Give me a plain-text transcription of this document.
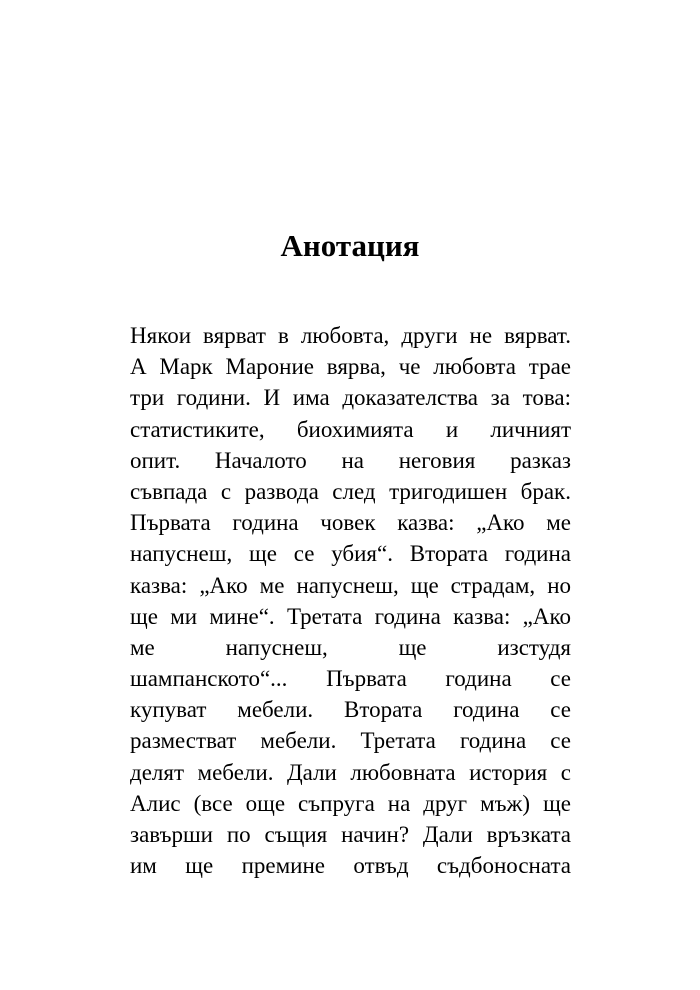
Анотация
Някои вярват в любовта, други не вярват.
А Марк Мароние вярва, че любовта трае
три години. И има доказателства за това:
статистиките, биохимията и личният
опит. Началото на неговия разказ
съвпада с развода след тригодишен брак.
Първата година човек казва: „Ако ме
напуснеш, ще се убия“. Втората година
казва: „Ако ме напуснеш, ще страдам, но
ще ми мине“. Третата година казва: „Ако
ме напуснеш, ще изстудя
шампанското“... Първата година се
купуват мебели. Втората година се
разместват мебели. Третата година се
делят мебели. Дали любовната история с
Алис (все още съпруга на друг мъж) ще
завърши по същия начин? Дали връзката
им ще премине отвъд съдбоносната
